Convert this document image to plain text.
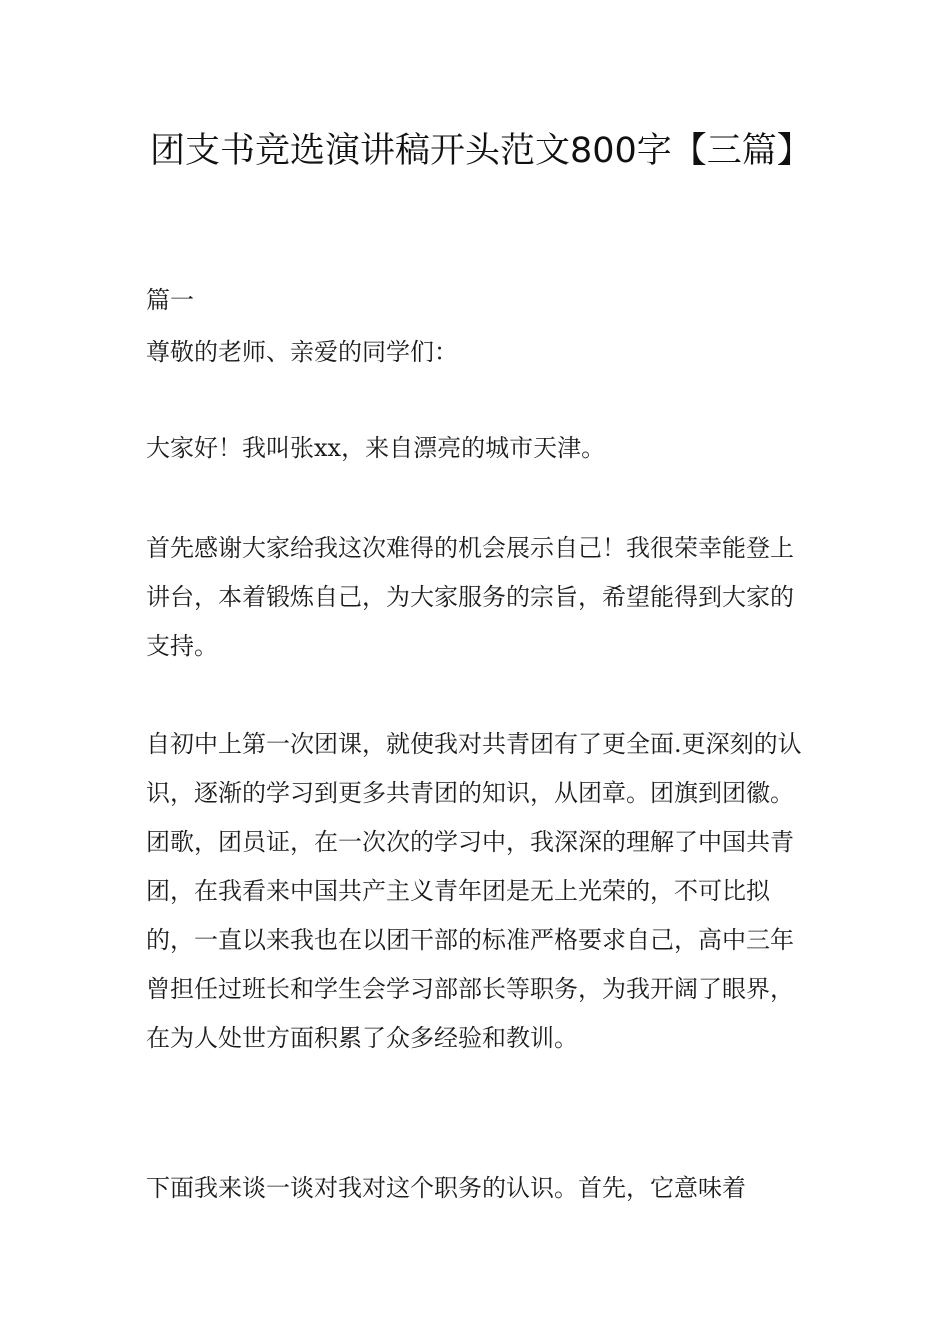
团支书竞选演讲稿开头范文800字【三篇】

篇一

尊敬的老师、亲爱的同学们：

大家好！我叫张xx，来自漂亮的城市天津。

首先感谢大家给我这次难得的机会展示自己！我很荣幸能登上讲台，本着锻炼自己，为大家服务的宗旨，希望能得到大家的支持。

自初中上第一次团课，就使我对共青团有了更全面.更深刻的认识，逐渐的学习到更多共青团的知识，从团章。团旗到团徽。团歌，团员证，在一次次的学习中，我深深的理解了中国共青团，在我看来中国共产主义青年团是无上光荣的，不可比拟的，一直以来我也在以团干部的标准严格要求自己，高中三年曾担任过班长和学生会学习部部长等职务，为我开阔了眼界，在为人处世方面积累了众多经验和教训。

下面我来谈一谈对我对这个职务的认识。首先，它意味着
